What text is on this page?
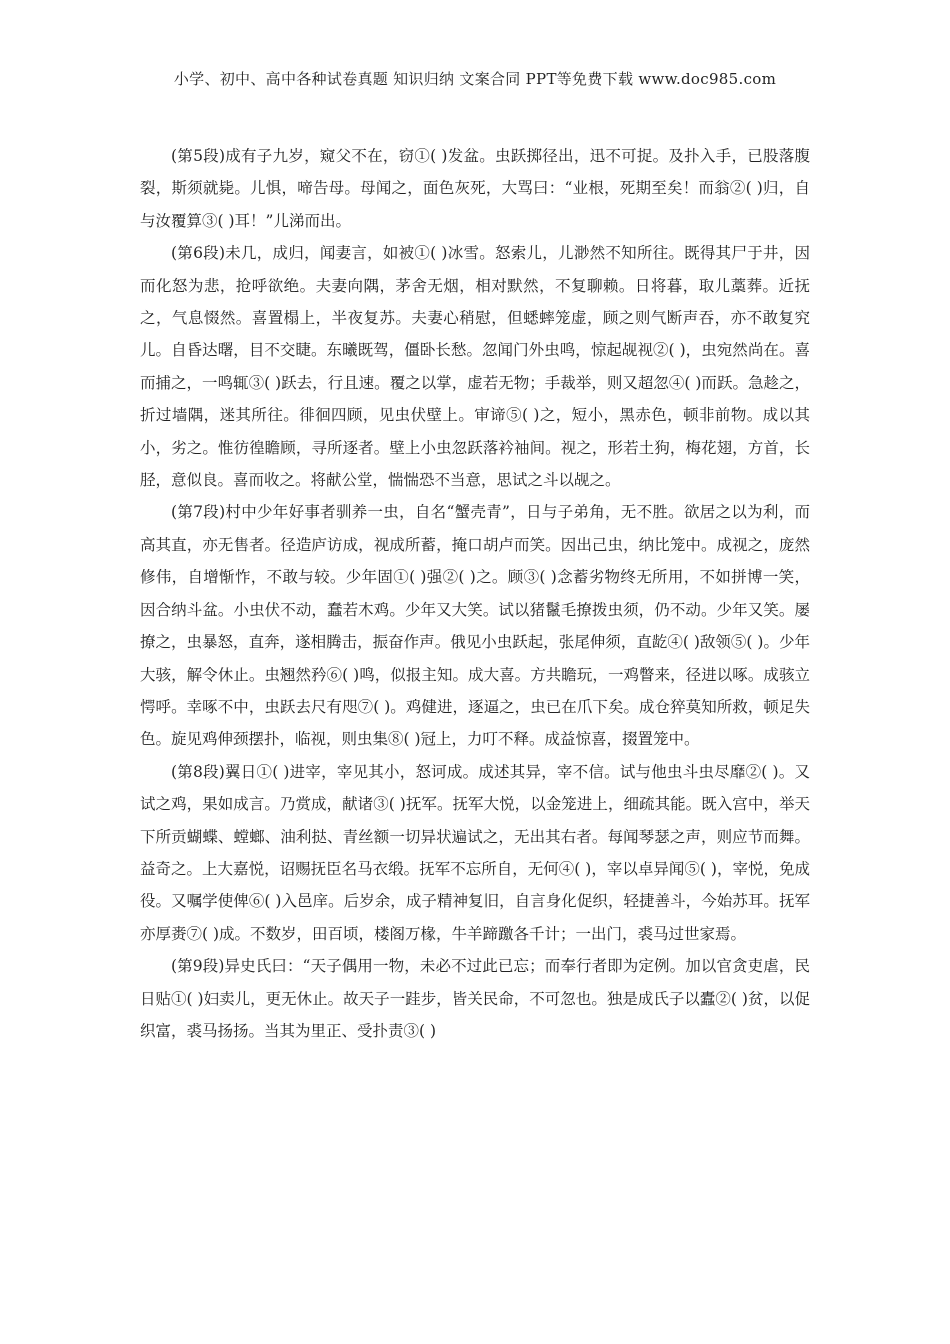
小学、初中、高中各种试卷真题 知识归纳 文案合同 PPT等免费下载 www.doc985.com

(第5段)成有子九岁，窥父不在，窃①( )发盆。虫跃掷径出，迅不可捉。及扑入手，已股落腹裂，斯须就毙。儿惧，啼告母。母闻之，面色灰死，大骂曰：“业根，死期至矣！而翁②( )归，自与汝覆算③( )耳！”儿涕而出。

(第6段)未几，成归，闻妻言，如被①( )冰雪。怒索儿，儿渺然不知所往。既得其尸于井，因而化怒为悲，抢呼欲绝。夫妻向隅，茅舍无烟，相对默然，不复聊赖。日将暮，取儿藁葬。近抚之，气息惙然。喜置榻上，半夜复苏。夫妻心稍慰，但蟋蟀笼虚，顾之则气断声吞，亦不敢复究儿。自昏达曙，目不交睫。东曦既驾，僵卧长愁。忽闻门外虫鸣，惊起觇视②( )，虫宛然尚在。喜而捕之，一鸣辄③( )跃去，行且速。覆之以掌，虚若无物；手裁举，则又超忽④( )而跃。急趁之，折过墙隅，迷其所往。徘徊四顾，见虫伏壁上。审谛⑤( )之，短小，黑赤色，顿非前物。成以其小，劣之。惟彷徨瞻顾，寻所逐者。壁上小虫忽跃落衿袖间。视之，形若土狗，梅花翅，方首，长胫，意似良。喜而收之。将献公堂，惴惴恐不当意，思试之斗以觇之。

(第7段)村中少年好事者驯养一虫，自名“蟹壳青”，日与子弟角，无不胜。欲居之以为利，而高其直，亦无售者。径造庐访成，视成所蓄，掩口胡卢而笑。因出己虫，纳比笼中。成视之，庞然修伟，自增惭怍，不敢与较。少年固①( )强②( )之。顾③( )念蓄劣物终无所用，不如拼博一笑，因合纳斗盆。小虫伏不动，蠢若木鸡。少年又大笑。试以猪鬣毛撩拨虫须，仍不动。少年又笑。屡撩之，虫暴怒，直奔，遂相腾击，振奋作声。俄见小虫跃起，张尾伸须，直龁④( )敌领⑤( )。少年大骇，解令休止。虫翘然矜⑥( )鸣，似报主知。成大喜。方共瞻玩，一鸡瞥来，径进以啄。成骇立愕呼。幸啄不中，虫跃去尺有咫⑦( )。鸡健进，逐逼之，虫已在爪下矣。成仓猝莫知所救，顿足失色。旋见鸡伸颈摆扑，临视，则虫集⑧( )冠上，力叮不释。成益惊喜，掇置笼中。

(第8段)翼日①( )进宰，宰见其小，怒诃成。成述其异，宰不信。试与他虫斗虫尽靡②( )。又试之鸡，果如成言。乃赏成，献诸③( )抚军。抚军大悦，以金笼进上，细疏其能。既入宫中，举天下所贡蝴蝶、螳螂、油利挞、青丝额一切异状遍试之，无出其右者。每闻琴瑟之声，则应节而舞。益奇之。上大嘉悦，诏赐抚臣名马衣缎。抚军不忘所自，无何④( )，宰以卓异闻⑤( )，宰悦，免成役。又嘱学使俾⑥( )入邑庠。后岁余，成子精神复旧，自言身化促织，轻捷善斗，今始苏耳。抚军亦厚赉⑦( )成。不数岁，田百顷，楼阁万椽，牛羊蹄躈各千计；一出门，裘马过世家焉。

(第9段)异史氏曰：“天子偶用一物，未必不过此已忘；而奉行者即为定例。加以官贪吏虐，民日贴①( )妇卖儿，更无休止。故天子一跬步，皆关民命，不可忽也。独是成氏子以蠹②( )贫，以促织富，裘马扬扬。当其为里正、受扑责③( )
